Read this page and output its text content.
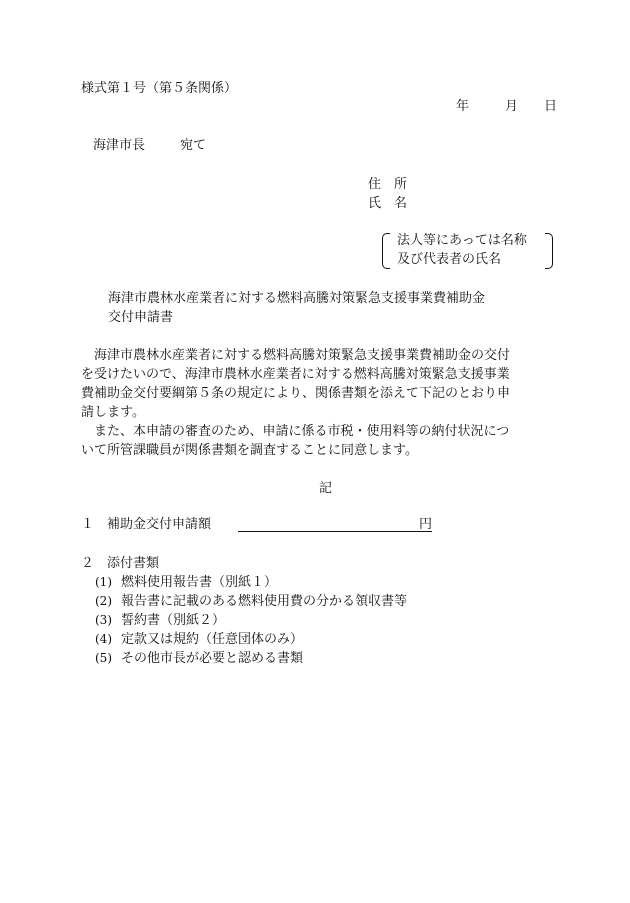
様式第１号（第５条関係）
年	月 日
海津市長	宛て
住　所
氏　名
法人等にあっては名称
及び代表者の氏名
海津市農林水産業者に対する燃料高騰対策緊急支援事業費補助金
交付申請書
海津市農林水産業者に対する燃料高騰対策緊急支援事業費補助金の交付
を受けたいので、海津市農林水産業者に対する燃料高騰対策緊急支援事業
費補助金交付要綱第５条の規定により、関係書類を添えて下記のとおり申
請します。
また、本申請の審査のため、申請に係る市税・使用料等の納付状況につ
いて所管課職員が関係書類を調査することに同意します。
記
１ 補助金交付申請額	円
２ 添付書類
(1) 燃料使用報告書（別紙１）
(2) 報告書に記載のある燃料使用費の分かる領収書等
(3) 誓約書（別紙２）
(4) 定款又は規約（任意団体のみ）
(5) その他市長が必要と認める書類
